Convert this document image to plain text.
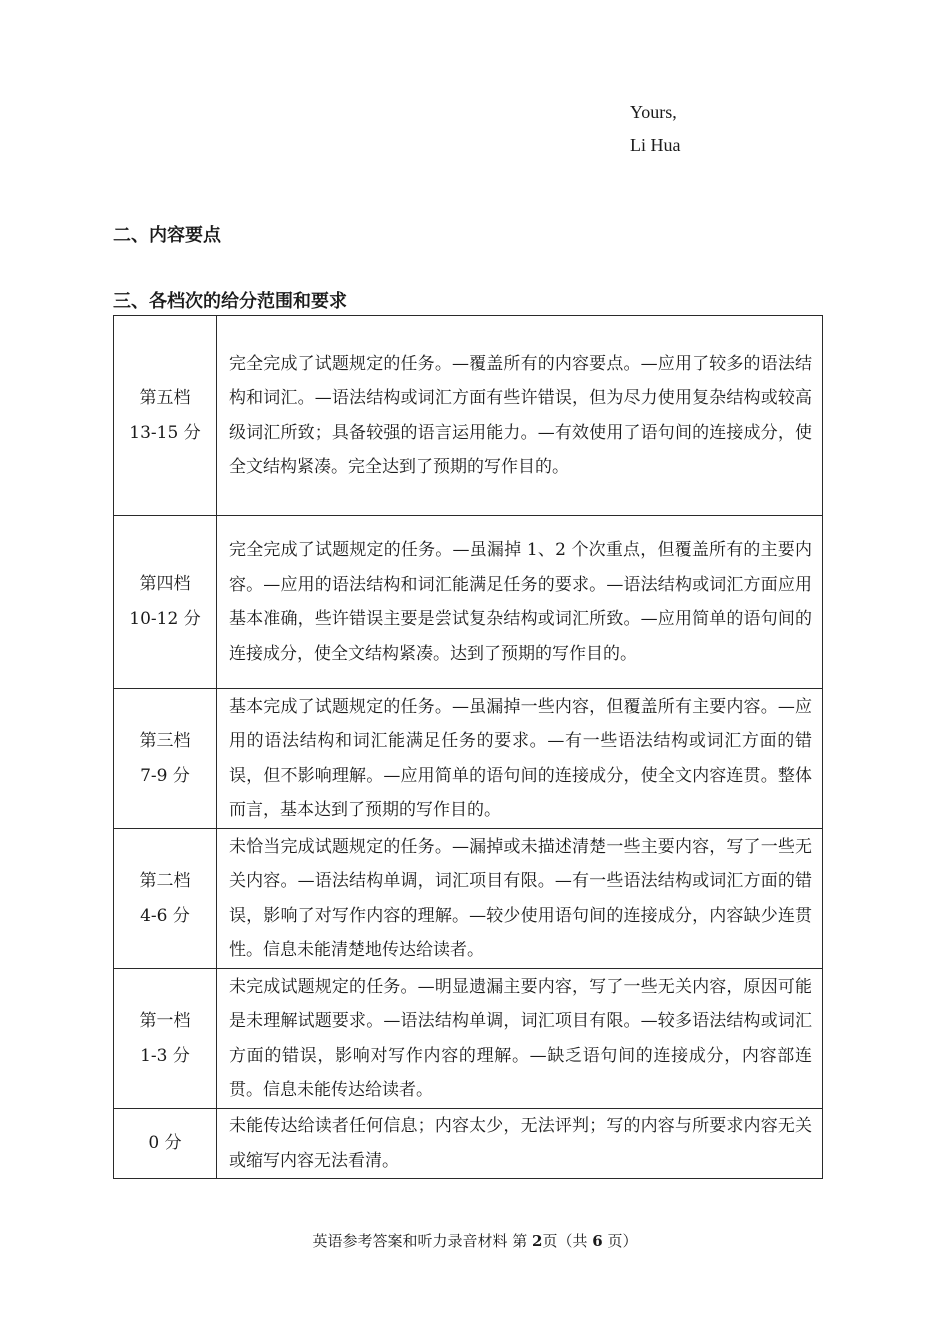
Yours,
Li Hua
二、内容要点
三、各档次的给分范围和要求
第五档
13-15 分	完全完成了试题规定的任务。—覆盖所有的内容要点。—应用了较多的语法结构和词汇。—语法结构或词汇方面有些许错误，但为尽力使用复杂结构或较高级词汇所致；具备较强的语言运用能力。—有效使用了语句间的连接成分，使全文结构紧凑。完全达到了预期的写作目的。

第四档
10-12 分	完全完成了试题规定的任务。—虽漏掉 1、2 个次重点，但覆盖所有的主要内容。—应用的语法结构和词汇能满足任务的要求。—语法结构或词汇方面应用基本准确，些许错误主要是尝试复杂结构或词汇所致。—应用简单的语句间的连接成分，使全文结构紧凑。达到了预期的写作目的。

第三档
7-9 分	基本完成了试题规定的任务。—虽漏掉一些内容，但覆盖所有主要内容。—应用的语法结构和词汇能满足任务的要求。—有一些语法结构或词汇方面的错误，但不影响理解。—应用简单的语句间的连接成分，使全文内容连贯。整体而言，基本达到了预期的写作目的。

第二档
4-6 分	未恰当完成试题规定的任务。—漏掉或未描述清楚一些主要内容，写了一些无关内容。—语法结构单调，词汇项目有限。—有一些语法结构或词汇方面的错误，影响了对写作内容的理解。—较少使用语句间的连接成分，内容缺少连贯性。信息未能清楚地传达给读者。

第一档
1-3 分	未完成试题规定的任务。—明显遗漏主要内容，写了一些无关内容，原因可能是未理解试题要求。—语法结构单调，词汇项目有限。—较多语法结构或词汇方面的错误，影响对写作内容的理解。—缺乏语句间的连接成分，内容部连贯。信息未能传达给读者。

0 分	未能传达给读者任何信息；内容太少，无法评判；写的内容与所要求内容无关或缩写内容无法看清。
英语参考答案和听力录音材料 第 2页（共 6 页）
